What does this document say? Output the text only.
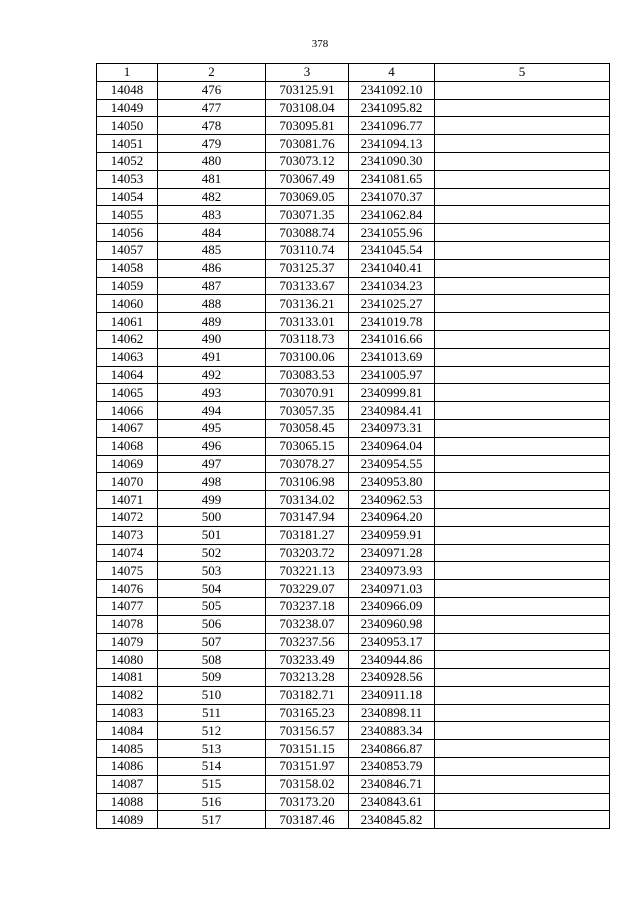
378
1	2	3	4	5
14048	476	703125.91	2341092.10	
14049	477	703108.04	2341095.82	
14050	478	703095.81	2341096.77	
14051	479	703081.76	2341094.13	
14052	480	703073.12	2341090.30	
14053	481	703067.49	2341081.65	
14054	482	703069.05	2341070.37	
14055	483	703071.35	2341062.84	
14056	484	703088.74	2341055.96	
14057	485	703110.74	2341045.54	
14058	486	703125.37	2341040.41	
14059	487	703133.67	2341034.23	
14060	488	703136.21	2341025.27	
14061	489	703133.01	2341019.78	
14062	490	703118.73	2341016.66	
14063	491	703100.06	2341013.69	
14064	492	703083.53	2341005.97	
14065	493	703070.91	2340999.81	
14066	494	703057.35	2340984.41	
14067	495	703058.45	2340973.31	
14068	496	703065.15	2340964.04	
14069	497	703078.27	2340954.55	
14070	498	703106.98	2340953.80	
14071	499	703134.02	2340962.53	
14072	500	703147.94	2340964.20	
14073	501	703181.27	2340959.91	
14074	502	703203.72	2340971.28	
14075	503	703221.13	2340973.93	
14076	504	703229.07	2340971.03	
14077	505	703237.18	2340966.09	
14078	506	703238.07	2340960.98	
14079	507	703237.56	2340953.17	
14080	508	703233.49	2340944.86	
14081	509	703213.28	2340928.56	
14082	510	703182.71	2340911.18	
14083	511	703165.23	2340898.11	
14084	512	703156.57	2340883.34	
14085	513	703151.15	2340866.87	
14086	514	703151.97	2340853.79	
14087	515	703158.02	2340846.71	
14088	516	703173.20	2340843.61	
14089	517	703187.46	2340845.82	
